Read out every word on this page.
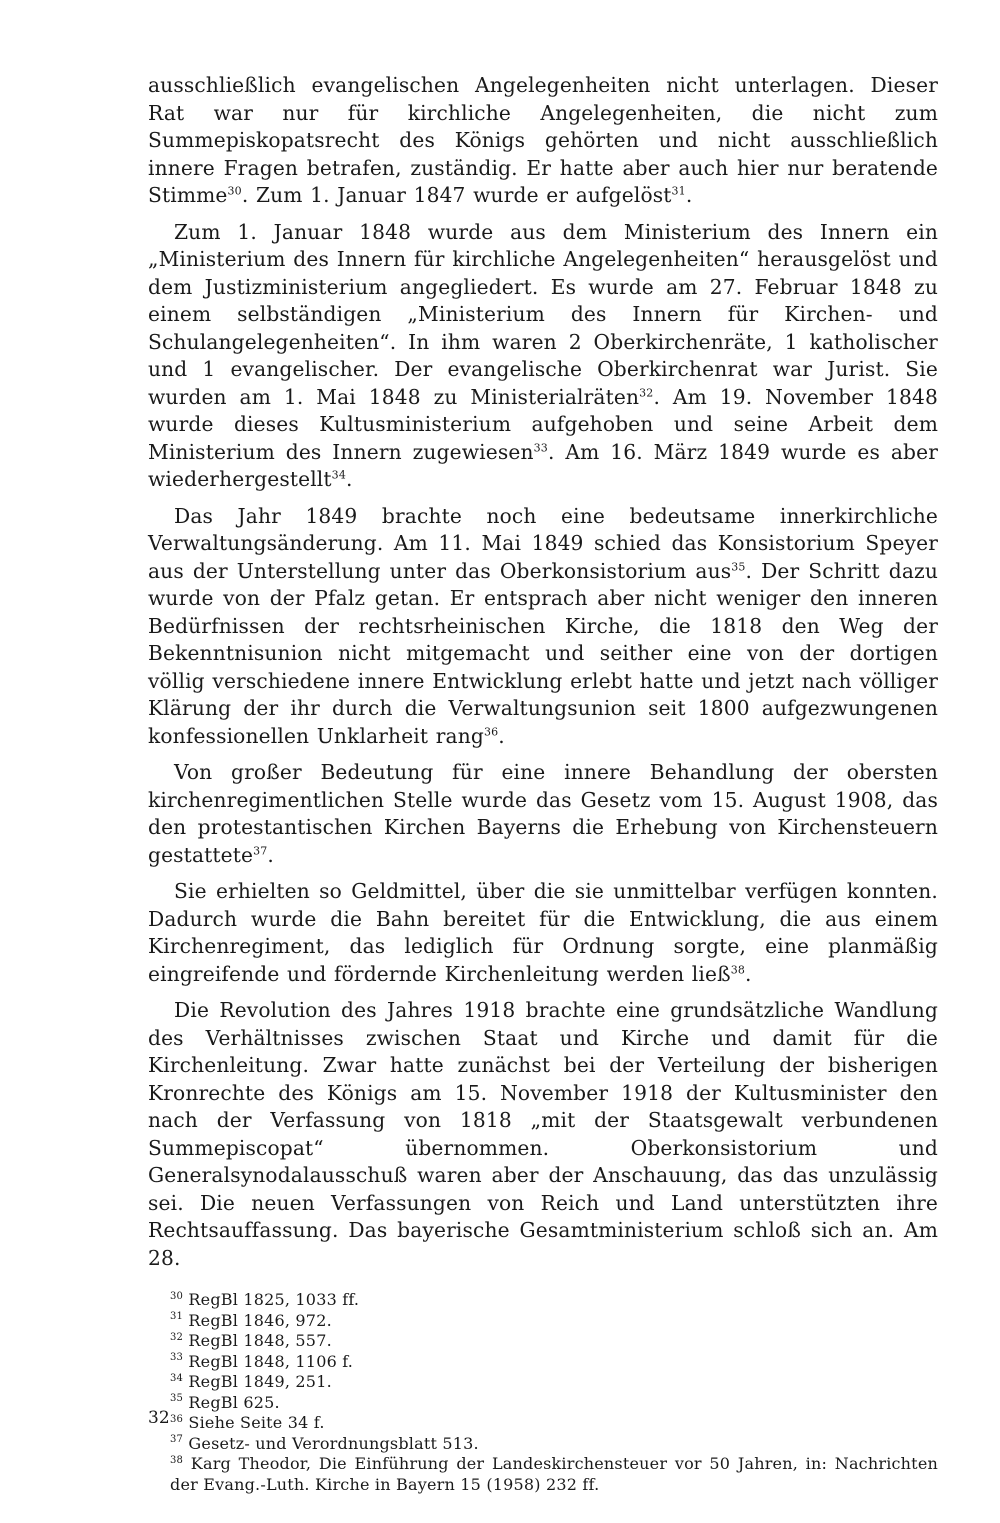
ausschließlich evangelischen Angelegenheiten nicht unterlagen. Dieser Rat war nur für kirchliche Angelegenheiten, die nicht zum Summepiskopatsrecht des Königs gehörten und nicht ausschließlich innere Fragen betrafen, zuständig. Er hatte aber auch hier nur beratende Stimme$^{30}$. Zum 1. Januar 1847 wurde er aufgelöst$^{31}$.

Zum 1. Januar 1848 wurde aus dem Ministerium des Innern ein „Ministerium des Innern für kirchliche Angelegenheiten“ herausgelöst und dem Justizministerium angegliedert. Es wurde am 27. Februar 1848 zu einem selbständigen „Ministerium des Innern für Kirchen- und Schulangelegenheiten“. In ihm waren 2 Oberkirchenräte, 1 katholischer und 1 evangelischer. Der evangelische Oberkirchenrat war Jurist. Sie wurden am 1. Mai 1848 zu Ministerialräten$^{32}$. Am 19. November 1848 wurde dieses Kultusministerium aufgehoben und seine Arbeit dem Ministerium des Innern zugewiesen$^{33}$. Am 16. März 1849 wurde es aber wiederhergestellt$^{34}$.

Das Jahr 1849 brachte noch eine bedeutsame innerkirchliche Verwaltungsänderung. Am 11. Mai 1849 schied das Konsistorium Speyer aus der Unterstellung unter das Oberkonsistorium aus$^{35}$. Der Schritt dazu wurde von der Pfalz getan. Er entsprach aber nicht weniger den inneren Bedürfnissen der rechtsrheinischen Kirche, die 1818 den Weg der Bekenntnisunion nicht mitgemacht und seither eine von der dortigen völlig verschiedene innere Entwicklung erlebt hatte und jetzt nach völliger Klärung der ihr durch die Verwaltungsunion seit 1800 aufgezwungenen konfessionellen Unklarheit rang$^{36}$.

Von großer Bedeutung für eine innere Behandlung der obersten kirchenregimentlichen Stelle wurde das Gesetz vom 15. August 1908, das den protestantischen Kirchen Bayerns die Erhebung von Kirchensteuern gestattete$^{37}$.

Sie erhielten so Geldmittel, über die sie unmittelbar verfügen konnten. Dadurch wurde die Bahn bereitet für die Entwicklung, die aus einem Kirchenregiment, das lediglich für Ordnung sorgte, eine planmäßig eingreifende und fördernde Kirchenleitung werden ließ$^{38}$.

Die Revolution des Jahres 1918 brachte eine grundsätzliche Wandlung des Verhältnisses zwischen Staat und Kirche und damit für die Kirchenleitung. Zwar hatte zunächst bei der Verteilung der bisherigen Kronrechte des Königs am 15. November 1918 der Kultusminister den nach der Verfassung von 1818 „mit der Staatsgewalt verbundenen Summepiscopat“ übernommen. Oberkonsistorium und Generalsynodalausschuß waren aber der Anschauung, das das unzulässig sei. Die neuen Verfassungen von Reich und Land unterstützten ihre Rechtsauffassung. Das bayerische Gesamtministerium schloß sich an. Am 28.

30 RegBl 1825, 1033 ff.
31 RegBl 1846, 972.
32 RegBl 1848, 557.
33 RegBl 1848, 1106 f.
34 RegBl 1849, 251.
35 RegBl 625.
36 Siehe Seite 34 f.
37 Gesetz- und Verordnungsblatt 513.
38 Karg Theodor, Die Einführung der Landeskirchensteuer vor 50 Jahren, in: Nachrichten der Evang.-Luth. Kirche in Bayern 15 (1958) 232 ff.
32
